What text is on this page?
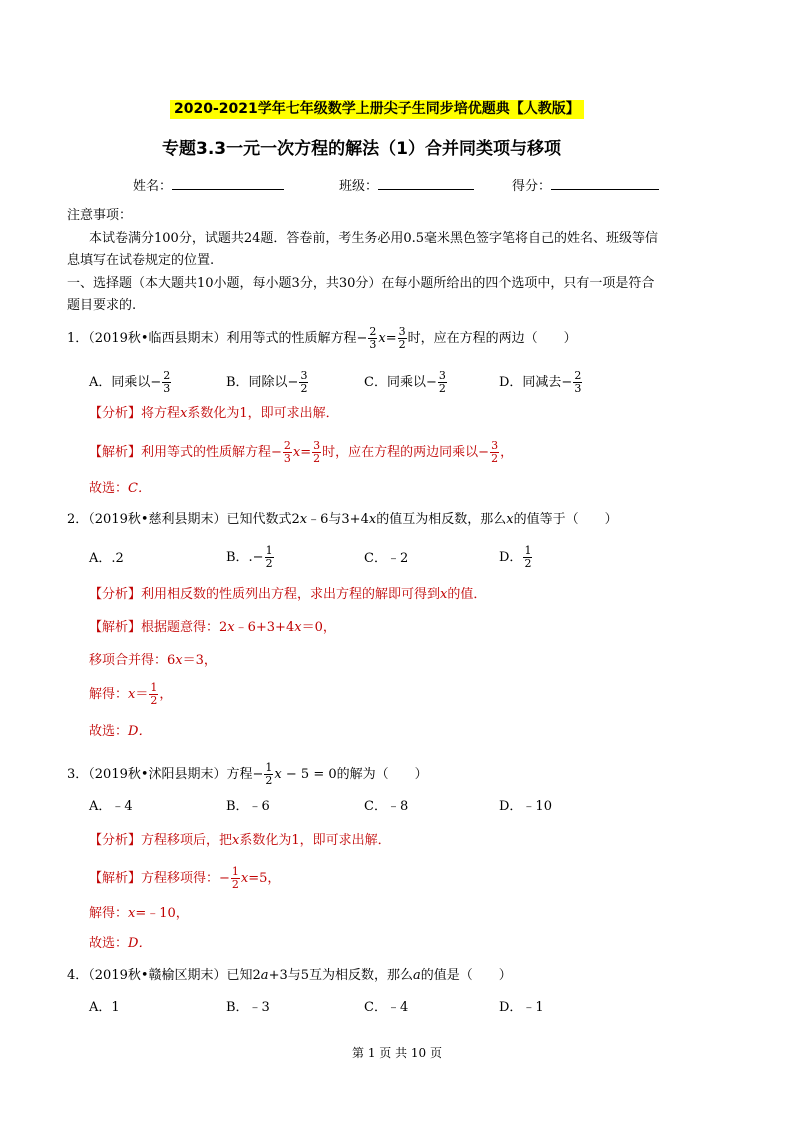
2020-2021学年七年级数学上册尖子生同步培优题典【人教版】
专题3.3一元一次方程的解法（1）合并同类项与移项
姓名：	班级：	得分：
注意事项：
本试卷满分100分，试题共24题．答卷前，考生务必用0.5毫米黑色签字笔将自己的姓名、班级等信
息填写在试卷规定的位置.
一、选择题（本大题共10小题，每小题3分，共30分）在每小题所给出的四个选项中，只有一项是符合
题目要求的.
1．（2019秋•临西县期末）利用等式的性质解方程− $\frac{2}{3} x= \frac{3}{2}$ 时，应在方程的两边（　　）
A．同乘以− $\frac{2}{3}$	B．同除以− $\frac{3}{2}$	C．同乘以− $\frac{3}{2}$	D．同减去− $\frac{2}{3}$
【分析】将方程x系数化为1，即可求出解．
【解析】利用等式的性质解方程− $\frac{2}{3} x= \frac{3}{2}$ 时，应在方程的两边同乘以− $\frac{3}{2}$ ，
故选：C．
2．（2019秋•慈利县期末）已知代数式2x﹣6与3+4x的值互为相反数，那么x的值等于（　　）
A．.2	B．.− $\frac{1}{2}$	C．﹣2	D． $\frac{1}{2}$
【分析】利用相反数的性质列出方程，求出方程的解即可得到x的值．
【解析】根据题意得：2x﹣6+3+4x＝0，
移项合并得：6x＝3，
解得：$x= \frac{1}{2}$ ，
故选：D．
3．（2019秋•沭阳县期末）方程− $\frac{1}{2}$ x − 5 = 0的解为（　　）
A．﹣4	B．﹣6	C．﹣8	D．﹣10
【分析】方程移项后，把x系数化为1，即可求出解．
【解析】方程移项得：− $\frac{1}{2} x=5$，
解得：x=﹣10，
故选：D．
4．（2019秋•赣榆区期末）已知2a+3与5互为相反数，那么a的值是（　　）
A．1	B．﹣3	C．﹣4	D．﹣1
第 1 页 共 10 页
